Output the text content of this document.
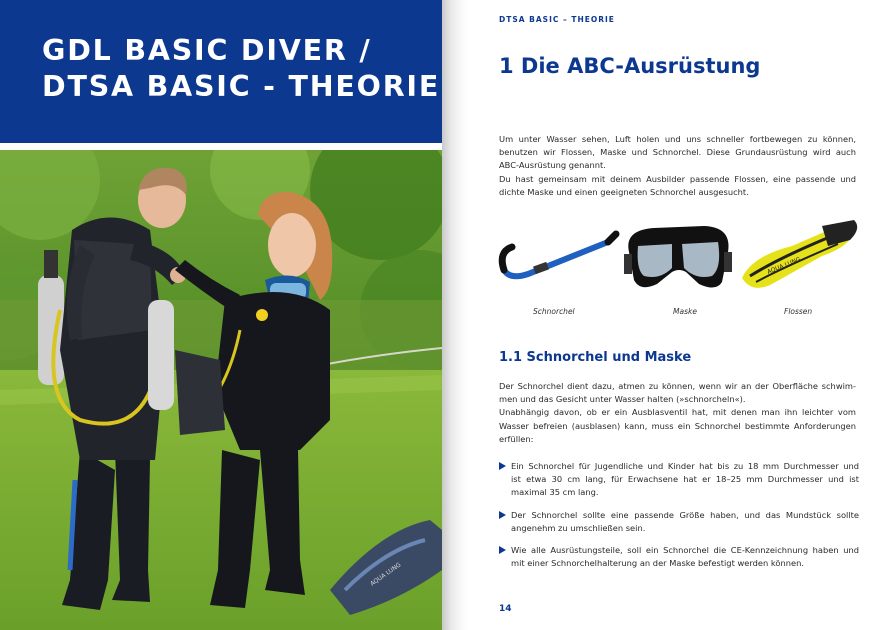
GDL BASIC DIVER /
DTSA BASIC - THEORIE
AQUA LUNG
DTSA BASIC – THEORIE
1 Die ABC-Ausrüstung
Um unter Wasser sehen, Luft holen und uns schneller fortbewegen zu können,
benutzen wir Flossen, Maske und Schnorchel. Diese Grundausrüstung wird auch
ABC-Ausrüstung genannt.
Du hast gemeinsam mit deinem Ausbilder passende Flossen, eine passende und
dichte Maske und einen geeigneten Schnorchel ausgesucht.
AQUA LUNG
Schnorchel	Maske	Flossen
1.1 Schnorchel und Maske
Der Schnorchel dient dazu, atmen zu können, wenn wir an der Oberfläche schwim-
men und das Gesicht unter Wasser halten (»schnorcheln«).
Unabhängig davon, ob er ein Ausblasventil hat, mit denen man ihn leichter vom
Wasser befreien (ausblasen) kann, muss ein Schnorchel bestimmte Anforderungen
erfüllen:
Ein Schnorchel für Jugendliche und Kinder hat bis zu 18 mm Durchmesser und
ist etwa 30 cm lang, für Erwachsene hat er 18–25 mm Durchmesser und ist
maximal 35 cm lang.
Der Schnorchel sollte eine passende Größe haben, und das Mundstück sollte
angenehm zu umschließen sein.
Wie alle Ausrüstungsteile, soll ein Schnorchel die CE-Kennzeichnung haben und
mit einer Schnorchelhalterung an der Maske befestigt werden können.
14
